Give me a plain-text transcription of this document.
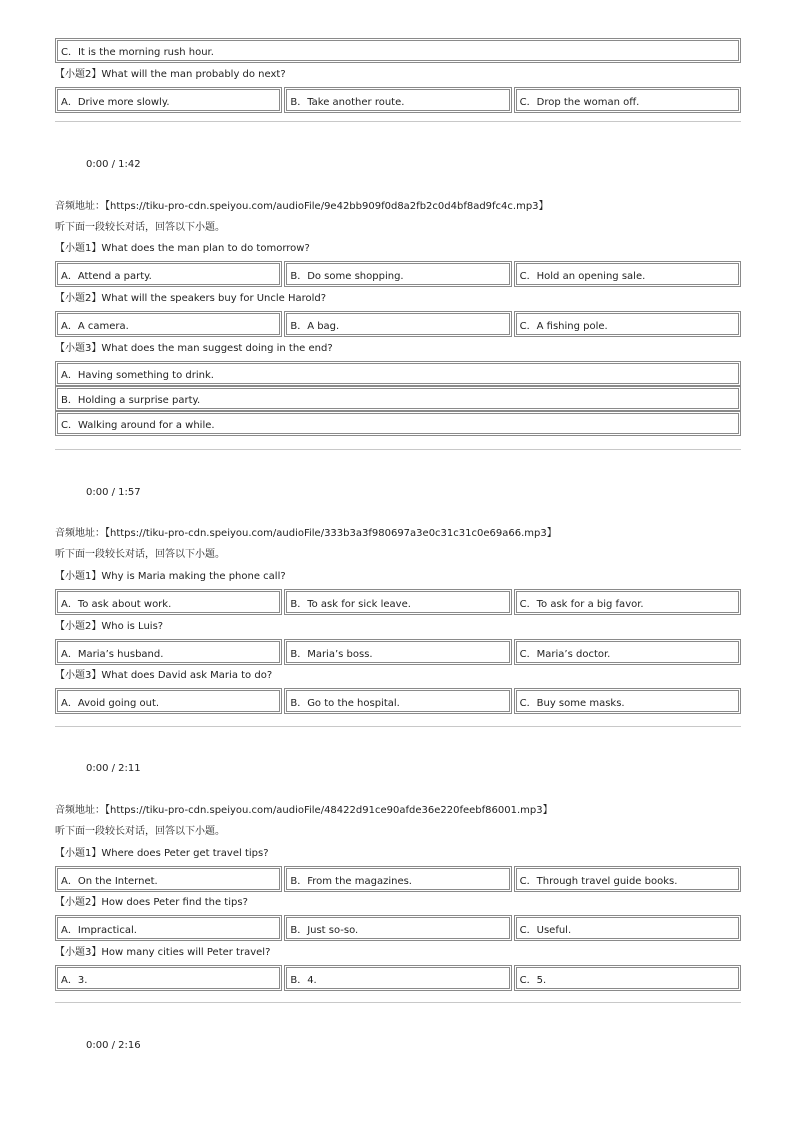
C．It is the morning rush hour.
【小题2】What will the man probably do next?
A．Drive more slowly.	B．Take another route.	C．Drop the woman off.
0:00 / 1:42
音频地址：【https://tiku-pro-cdn.speiyou.com/audioFile/9e42bb909f0d8a2fb2c0d4bf8ad9fc4c.mp3】
听下面一段较长对话，回答以下小题。
【小题1】What does the man plan to do tomorrow?
A．Attend a party.	B．Do some shopping.	C．Hold an opening sale.
【小题2】What will the speakers buy for Uncle Harold?
A．A camera.	B．A bag.	C．A fishing pole.
【小题3】What does the man suggest doing in the end?
A．Having something to drink.
B．Holding a surprise party.
C．Walking around for a while.
0:00 / 1:57
音频地址：【https://tiku-pro-cdn.speiyou.com/audioFile/333b3a3f980697a3e0c31c31c0e69a66.mp3】
听下面一段较长对话，回答以下小题。
【小题1】Why is Maria making the phone call?
A．To ask about work.	B．To ask for sick leave.	C．To ask for a big favor.
【小题2】Who is Luis?
A．Maria’s husband.	B．Maria’s boss.	C．Maria’s doctor.
【小题3】What does David ask Maria to do?
A．Avoid going out.	B．Go to the hospital.	C．Buy some masks.
0:00 / 2:11
音频地址：【https://tiku-pro-cdn.speiyou.com/audioFile/48422d91ce90afde36e220feebf86001.mp3】
听下面一段较长对话，回答以下小题。
【小题1】Where does Peter get travel tips?
A．On the Internet.	B．From the magazines.	C．Through travel guide books.
【小题2】How does Peter find the tips?
A．Impractical.	B．Just so-so.	C．Useful.
【小题3】How many cities will Peter travel?
A．3.	B．4.	C．5.
0:00 / 2:16
